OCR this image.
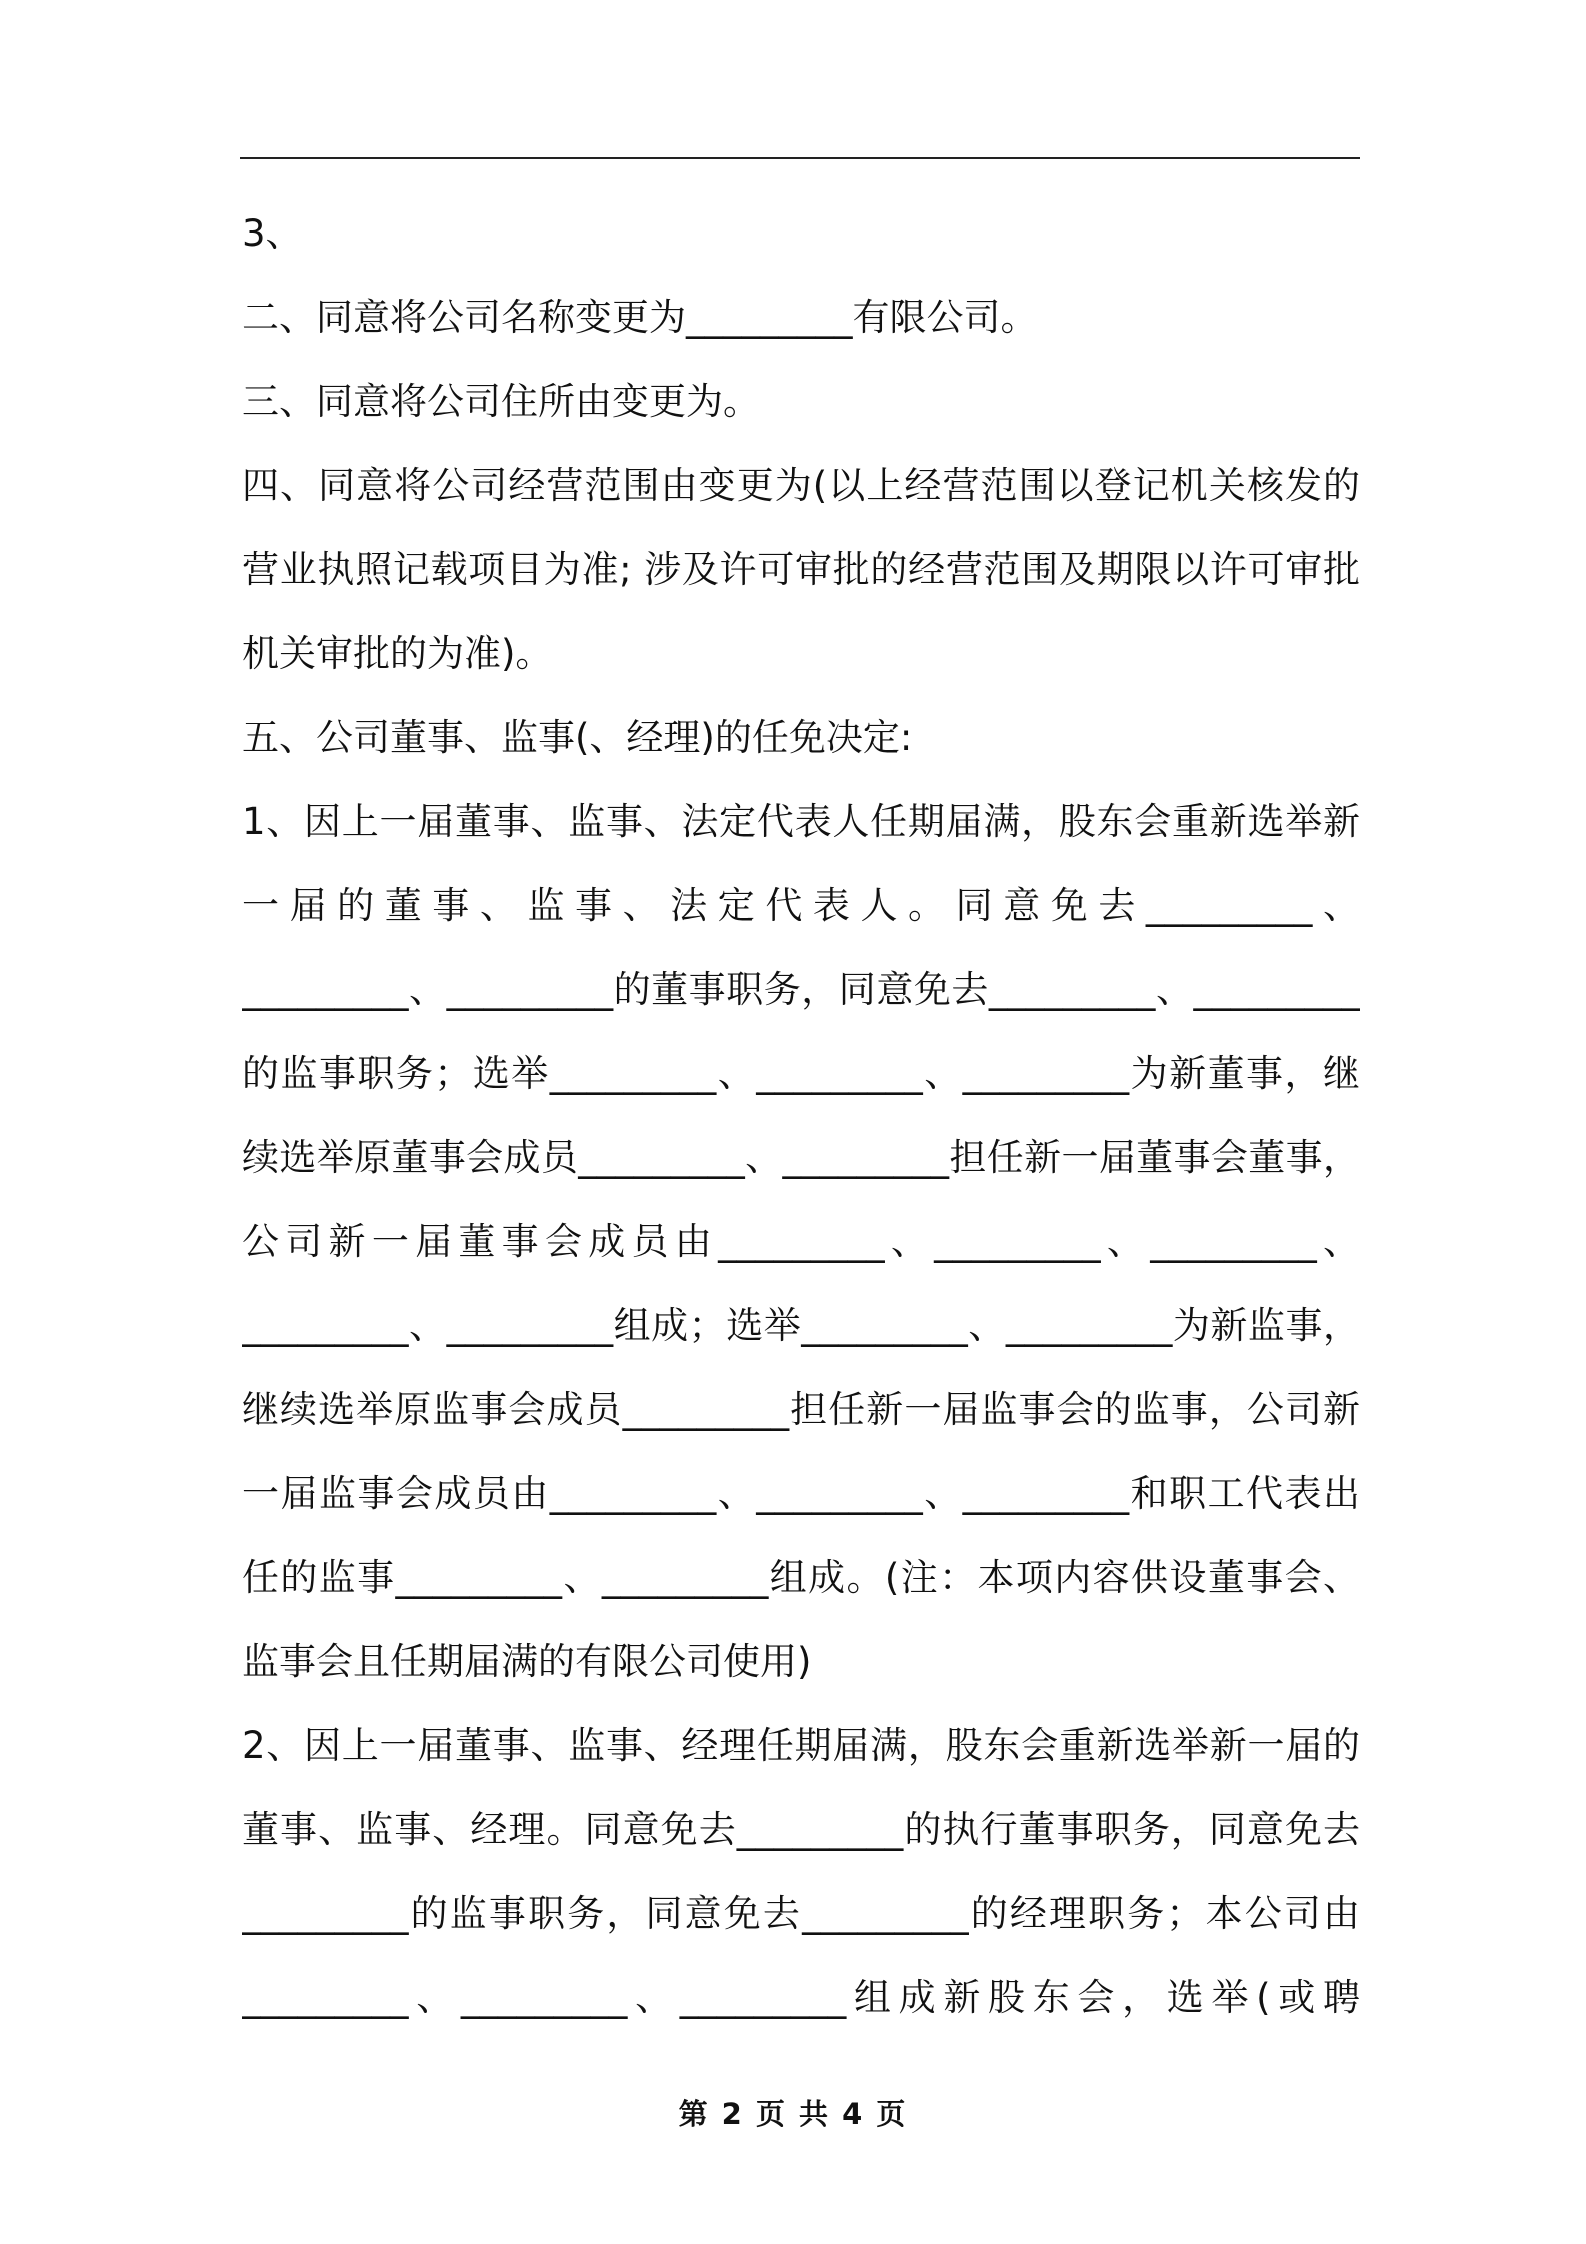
3、
二、同意将公司名称变更为_________有限公司。
三、同意将公司住所由变更为。
四、同意将公司经营范围由变更为(以上经营范围以登记机关核发的
营业执照记载项目为准; 涉及许可审批的经营范围及期限以许可审批
机关审批的为准)。
五、公司董事、监事(、经理)的任免决定:
1、因上一届董事、监事、法定代表人任期届满，股东会重新选举新
一届的董事、监事、法定代表人。同意免去_________、
_________、_________的董事职务，同意免去_________、_________
的监事职务；选举_________、_________、_________为新董事，继
续选举原董事会成员_________、_________担任新一届董事会董事，
公司新一届董事会成员由_________、_________、_________、
_________、_________组成；选举_________、_________为新监事，
继续选举原监事会成员_________担任新一届监事会的监事，公司新
一届监事会成员由_________、_________、_________和职工代表出
任的监事_________、_________组成。(注：本项内容供设董事会、
监事会且任期届满的有限公司使用)
2、因上一届董事、监事、经理任期届满，股东会重新选举新一届的
董事、监事、经理。同意免去_________的执行董事职务，同意免去
_________的监事职务，同意免去_________的经理职务；本公司由
_________、_________、_________组成新股东会，选举(或聘
第 2 页 共 4 页
